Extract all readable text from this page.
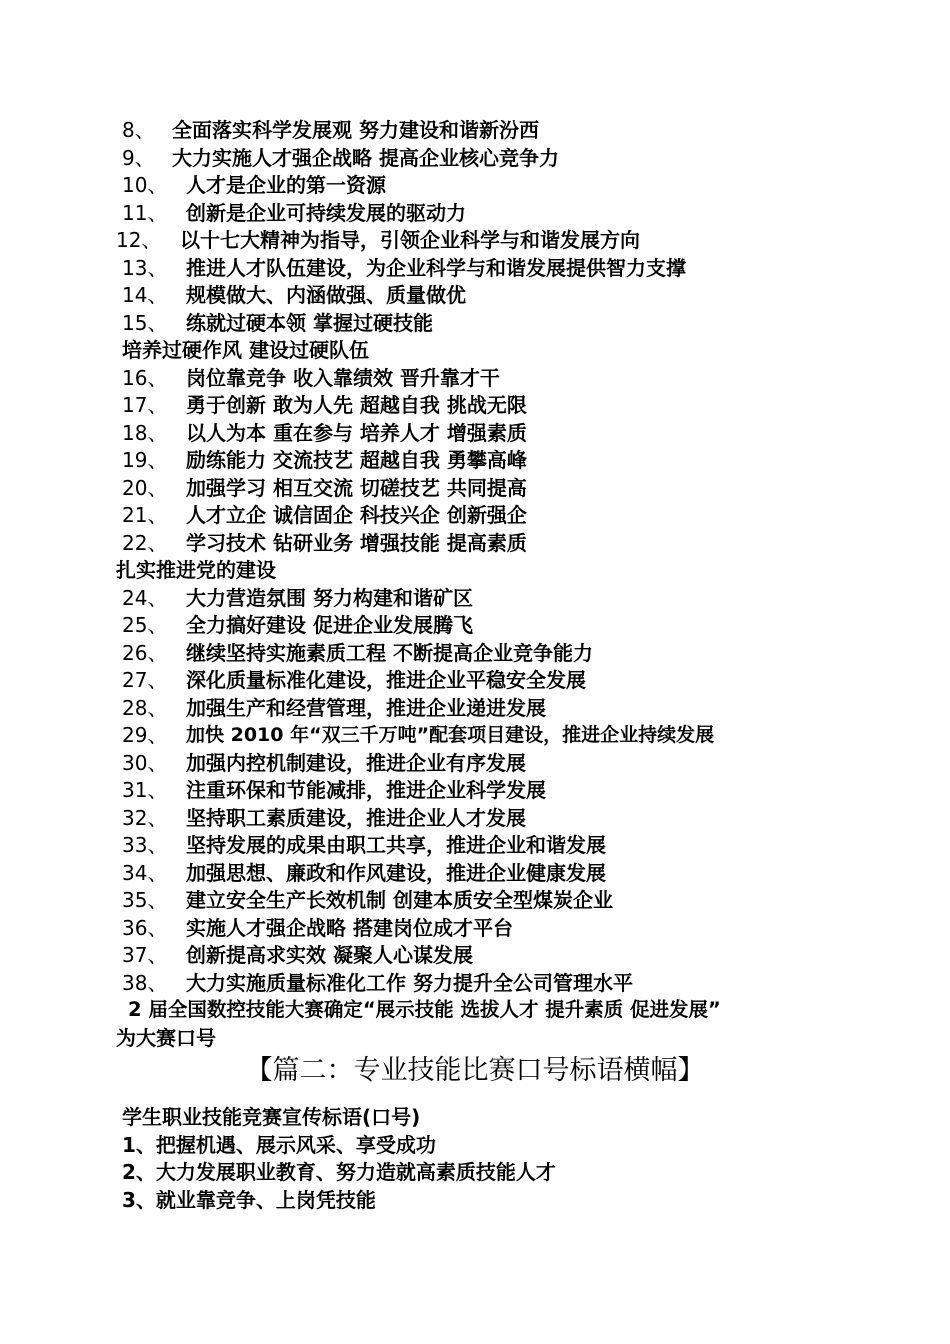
8、 全面落实科学发展观 努力建设和谐新汾西
9、 大力实施人才强企战略 提高企业核心竞争力
10、 人才是企业的第一资源
11、 创新是企业可持续发展的驱动力
12、 以十七大精神为指导，引领企业科学与和谐发展方向
13、 推进人才队伍建设，为企业科学与和谐发展提供智力支撑
14、 规模做大、内涵做强、质量做优
15、 练就过硬本领 掌握过硬技能
培养过硬作风 建设过硬队伍
16、 岗位靠竞争 收入靠绩效 晋升靠才干
17、 勇于创新 敢为人先 超越自我 挑战无限
18、 以人为本 重在参与 培养人才 增强素质
19、 励练能力 交流技艺 超越自我 勇攀高峰
20、 加强学习 相互交流 切磋技艺 共同提高
21、 人才立企 诚信固企 科技兴企 创新强企
22、 学习技术 钻研业务 增强技能 提高素质
扎实推进党的建设
24、 大力营造氛围 努力构建和谐矿区
25、 全力搞好建设 促进企业发展腾飞
26、 继续坚持实施素质工程 不断提高企业竞争能力
27、 深化质量标准化建设，推进企业平稳安全发展
28、 加强生产和经营管理，推进企业递进发展
29、 加快 2010 年“双三千万吨”配套项目建设，推进企业持续发展
30、 加强内控机制建设，推进企业有序发展
31、 注重环保和节能减排，推进企业科学发展
32、 坚持职工素质建设，推进企业人才发展
33、 坚持发展的成果由职工共享，推进企业和谐发展
34、 加强思想、廉政和作风建设，推进企业健康发展
35、 建立安全生产长效机制 创建本质安全型煤炭企业
36、 实施人才强企战略 搭建岗位成才平台
37、 创新提高求实效 凝聚人心谋发展
38、 大力实施质量标准化工作 努力提升全公司管理水平
2 届全国数控技能大赛确定“展示技能 选拔人才 提升素质 促进发展”
为大赛口号
【篇二：专业技能比赛口号标语横幅】
学生职业技能竞赛宣传标语(口号)
1、把握机遇、展示风采、享受成功
2、大力发展职业教育、努力造就高素质技能人才
3、就业靠竞争、上岗凭技能
